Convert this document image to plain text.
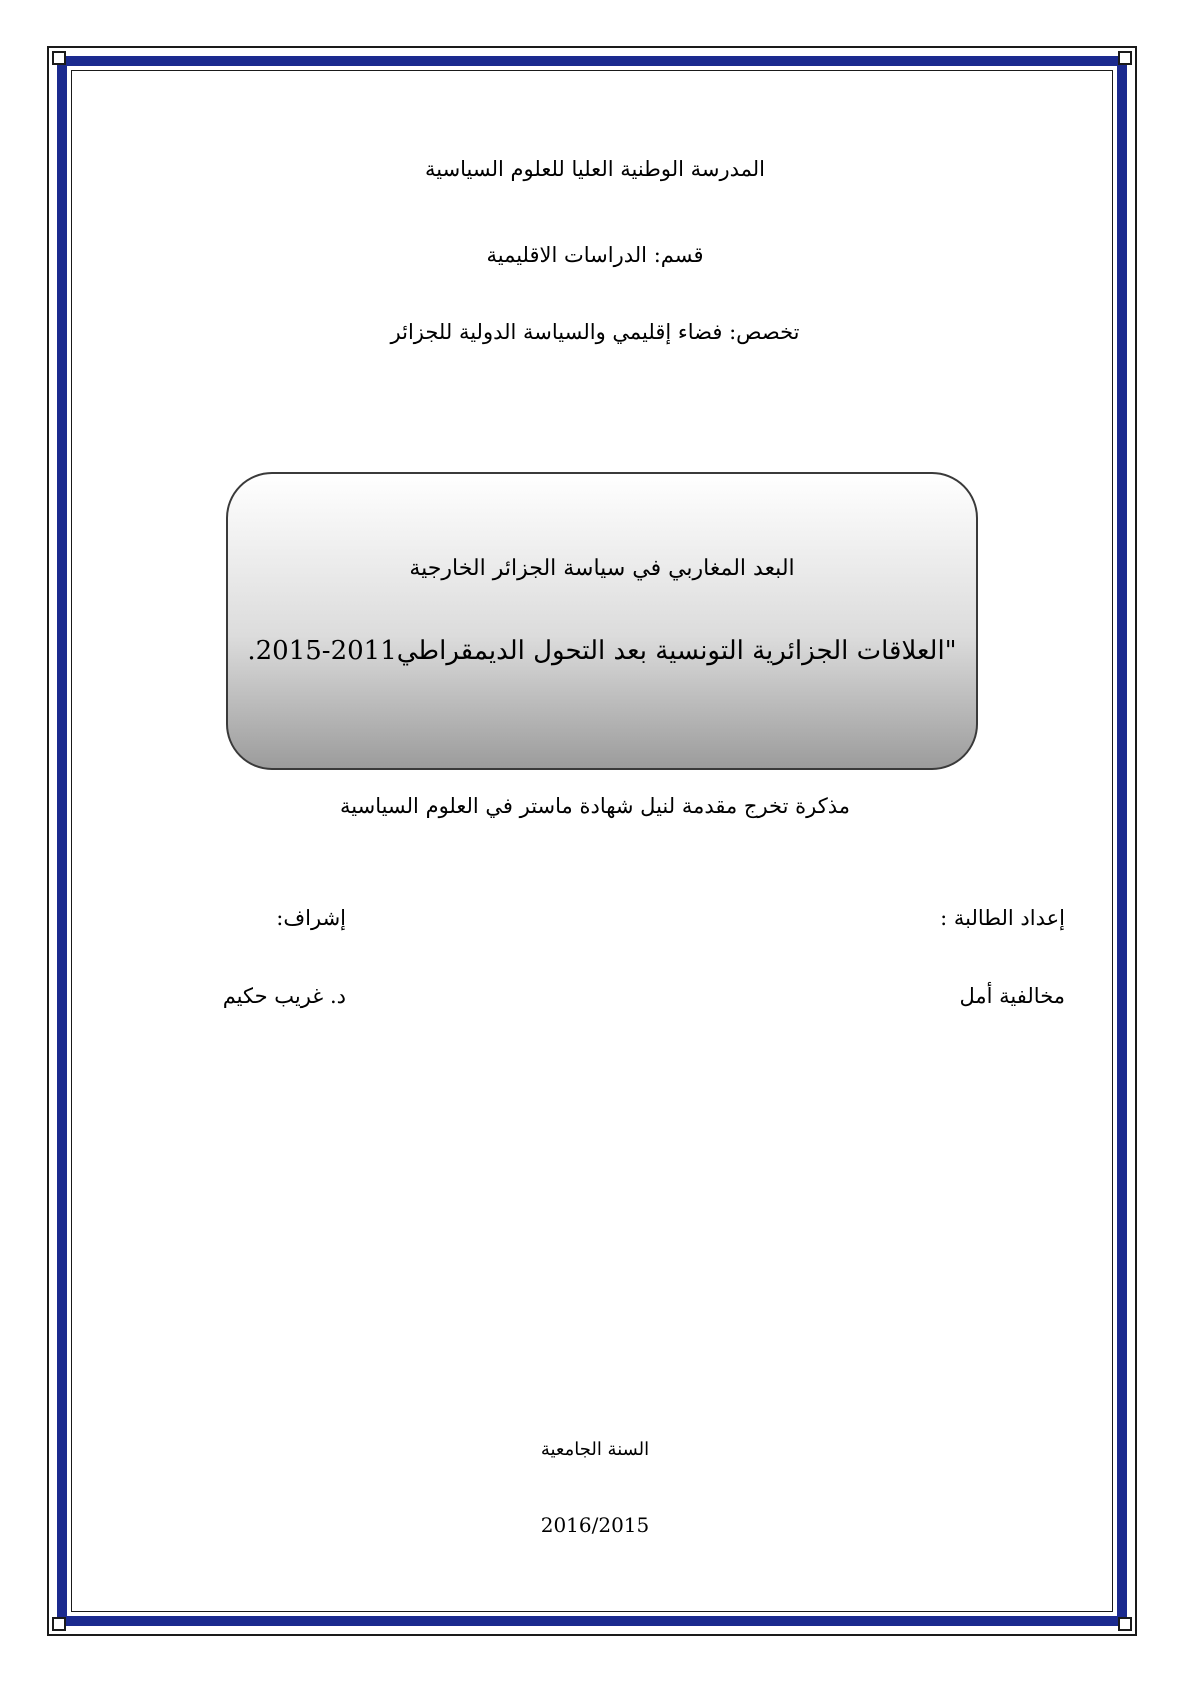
المدرسة الوطنية العليا للعلوم السياسية
قسم: الدراسات الاقليمية
تخصص: فضاء إقليمي والسياسة الدولية للجزائر
البعد المغاربي في سياسة الجزائر الخارجية
"العلاقات الجزائرية التونسية بعد التحول الديمقراطي2011-2015.
مذكرة تخرج مقدمة لنيل شهادة ماستر في العلوم السياسية
إعداد الطالبة :
مخالفية أمل
إشراف:
د. غريب حكيم
السنة الجامعية
2016/2015
